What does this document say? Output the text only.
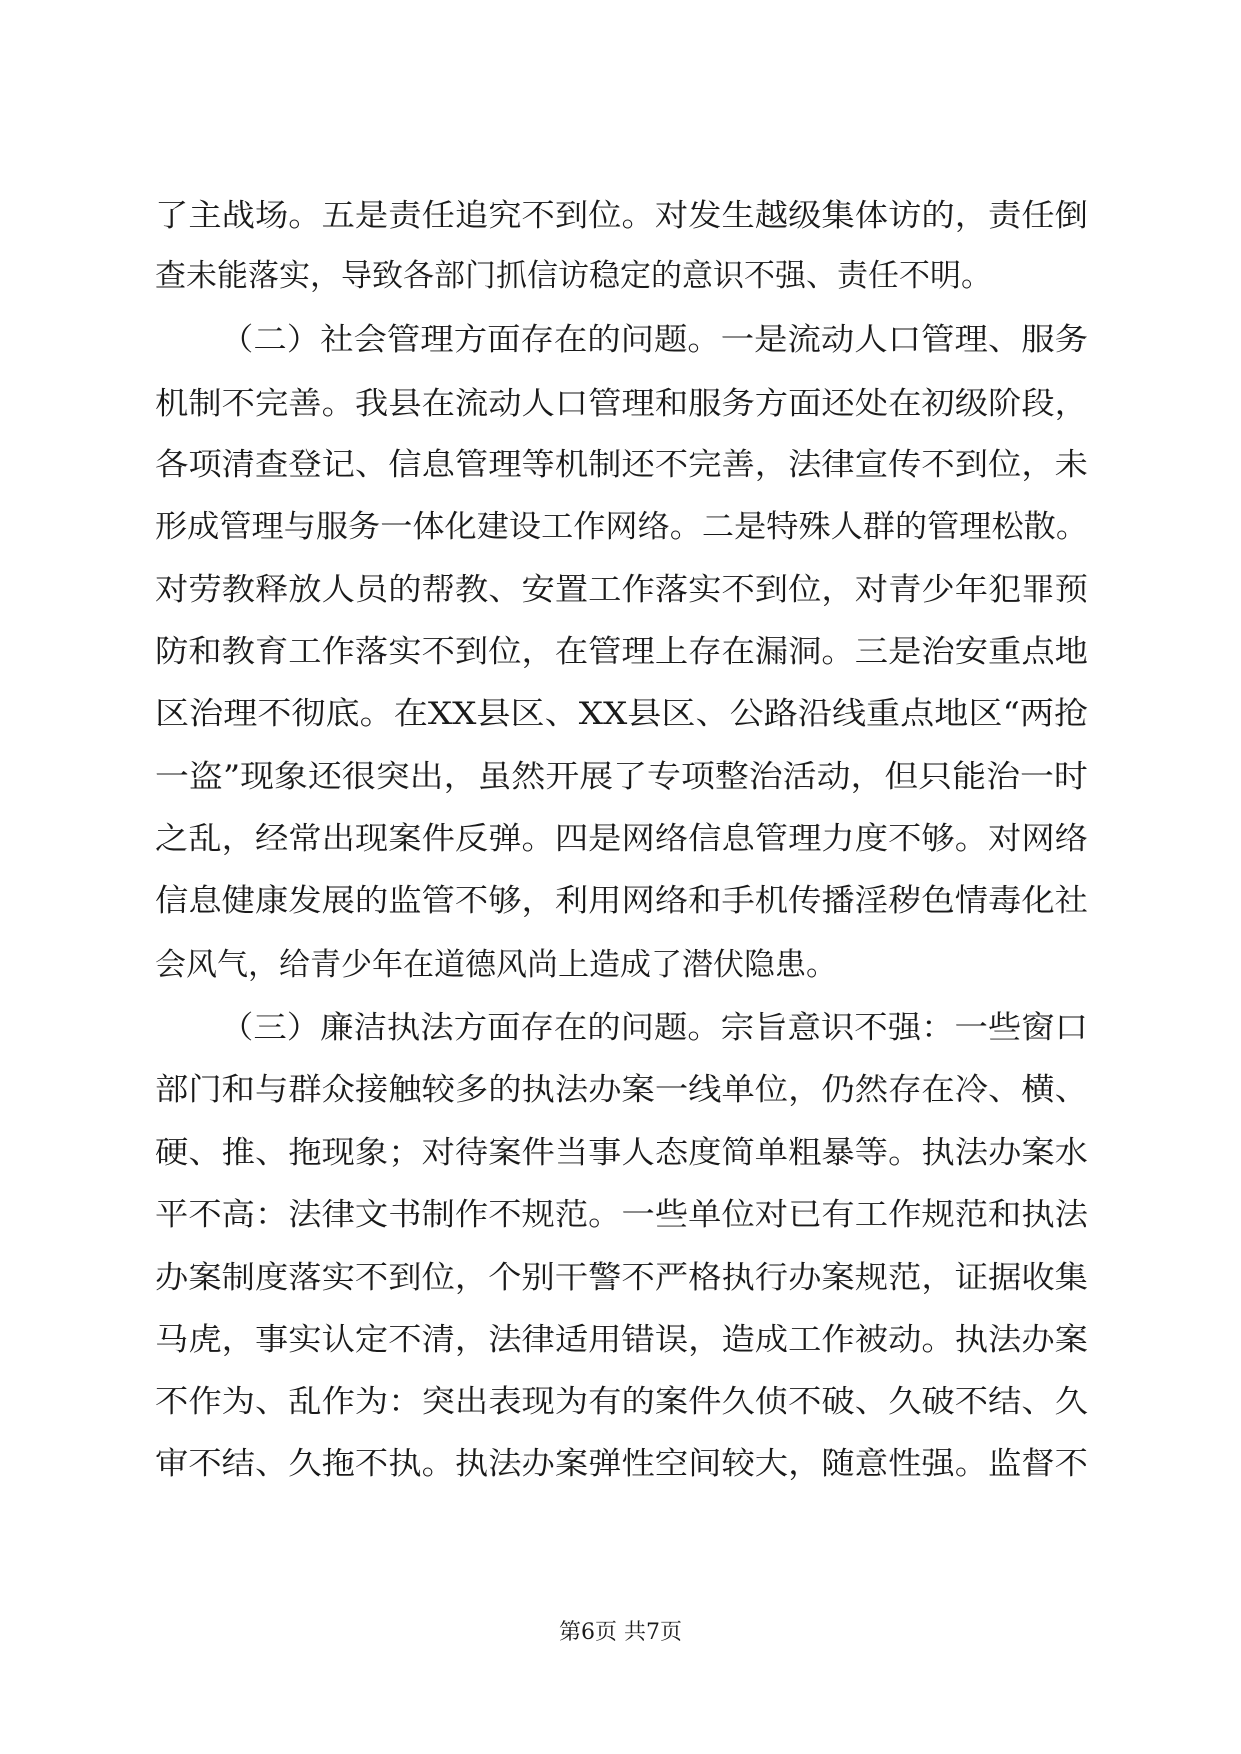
了主战场。五是责任追究不到位。对发生越级集体访的，责任倒
查未能落实，导致各部门抓信访稳定的意识不强、责任不明。
（二）社会管理方面存在的问题。一是流动人口管理、服务
机制不完善。我县在流动人口管理和服务方面还处在初级阶段，
各项清查登记、信息管理等机制还不完善，法律宣传不到位，未
形成管理与服务一体化建设工作网络。二是特殊人群的管理松散。
对劳教释放人员的帮教、安置工作落实不到位，对青少年犯罪预
防和教育工作落实不到位，在管理上存在漏洞。三是治安重点地
区治理不彻底。在XX县区、XX县区、公路沿线重点地区“两抢
一盗”现象还很突出，虽然开展了专项整治活动，但只能治一时
之乱，经常出现案件反弹。四是网络信息管理力度不够。对网络
信息健康发展的监管不够，利用网络和手机传播淫秽色情毒化社
会风气，给青少年在道德风尚上造成了潜伏隐患。
（三）廉洁执法方面存在的问题。宗旨意识不强：一些窗口
部门和与群众接触较多的执法办案一线单位，仍然存在冷、横、
硬、推、拖现象；对待案件当事人态度简单粗暴等。执法办案水
平不高：法律文书制作不规范。一些单位对已有工作规范和执法
办案制度落实不到位，个别干警不严格执行办案规范，证据收集
马虎，事实认定不清，法律适用错误，造成工作被动。执法办案
不作为、乱作为：突出表现为有的案件久侦不破、久破不结、久
审不结、久拖不执。执法办案弹性空间较大，随意性强。监督不
第6页 共7页
